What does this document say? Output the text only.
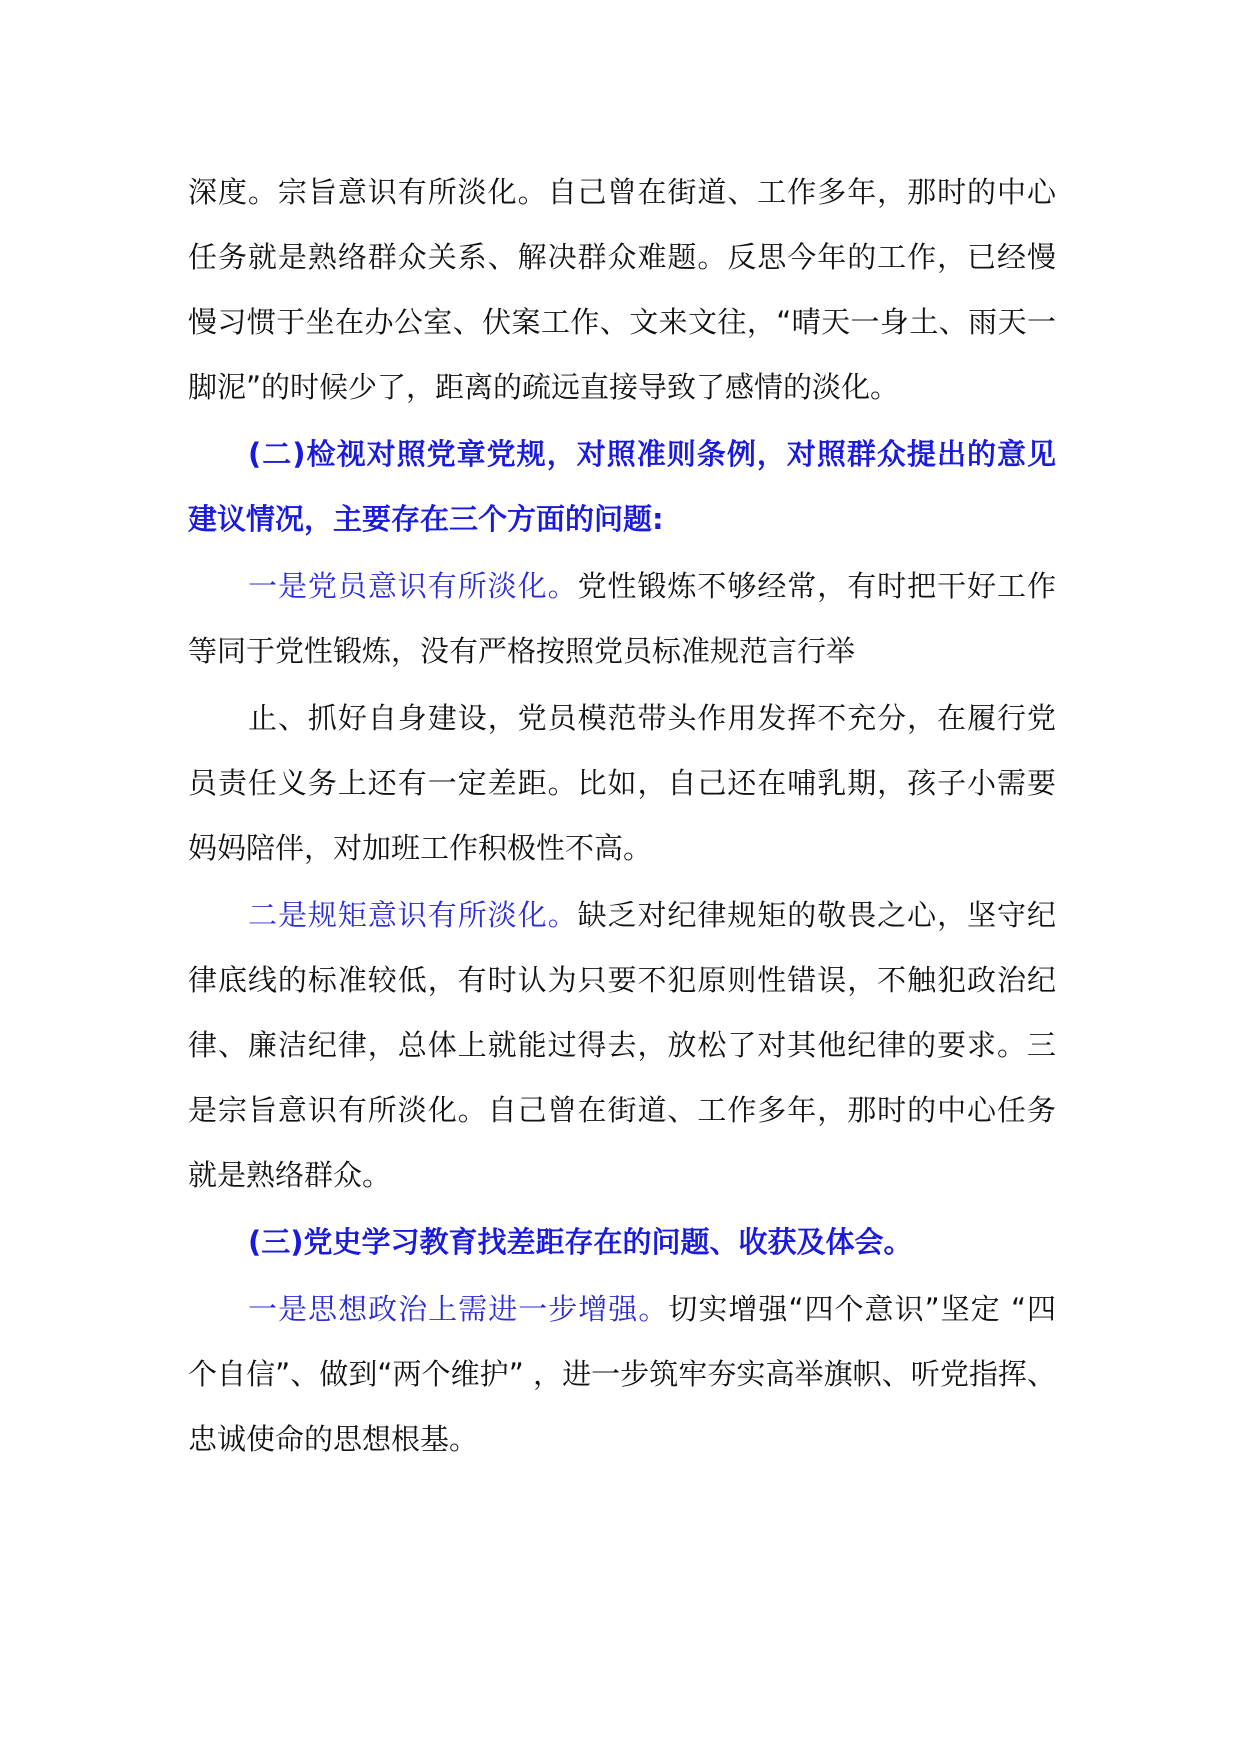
深度。宗旨意识有所淡化。自己曾在街道、工作多年，那时的中心任务就是熟络群众关系、解决群众难题。反思今年的工作，已经慢慢习惯于坐在办公室、伏案工作、文来文往，“晴天一身土、雨天一脚泥”的时候少了，距离的疏远直接导致了感情的淡化。

(二)检视对照党章党规，对照准则条例，对照群众提出的意见建议情况，主要存在三个方面的问题:

一是党员意识有所淡化。党性锻炼不够经常，有时把干好工作等同于党性锻炼，没有严格按照党员标准规范言行举

止、抓好自身建设，党员模范带头作用发挥不充分，在履行党员责任义务上还有一定差距。比如，自己还在哺乳期，孩子小需要妈妈陪伴，对加班工作积极性不高。

二是规矩意识有所淡化。缺乏对纪律规矩的敬畏之心，坚守纪律底线的标准较低，有时认为只要不犯原则性错误，不触犯政治纪律、廉洁纪律，总体上就能过得去，放松了对其他纪律的要求。三是宗旨意识有所淡化。自己曾在街道、工作多年，那时的中心任务就是熟络群众。

(三)党史学习教育找差距存在的问题、收获及体会。

一是思想政治上需进一步增强。切实增强“四个意识”坚定 “四个自信”、做到“两个维护” ，进一步筑牢夯实高举旗帜、听党指挥、忠诚使命的思想根基。
